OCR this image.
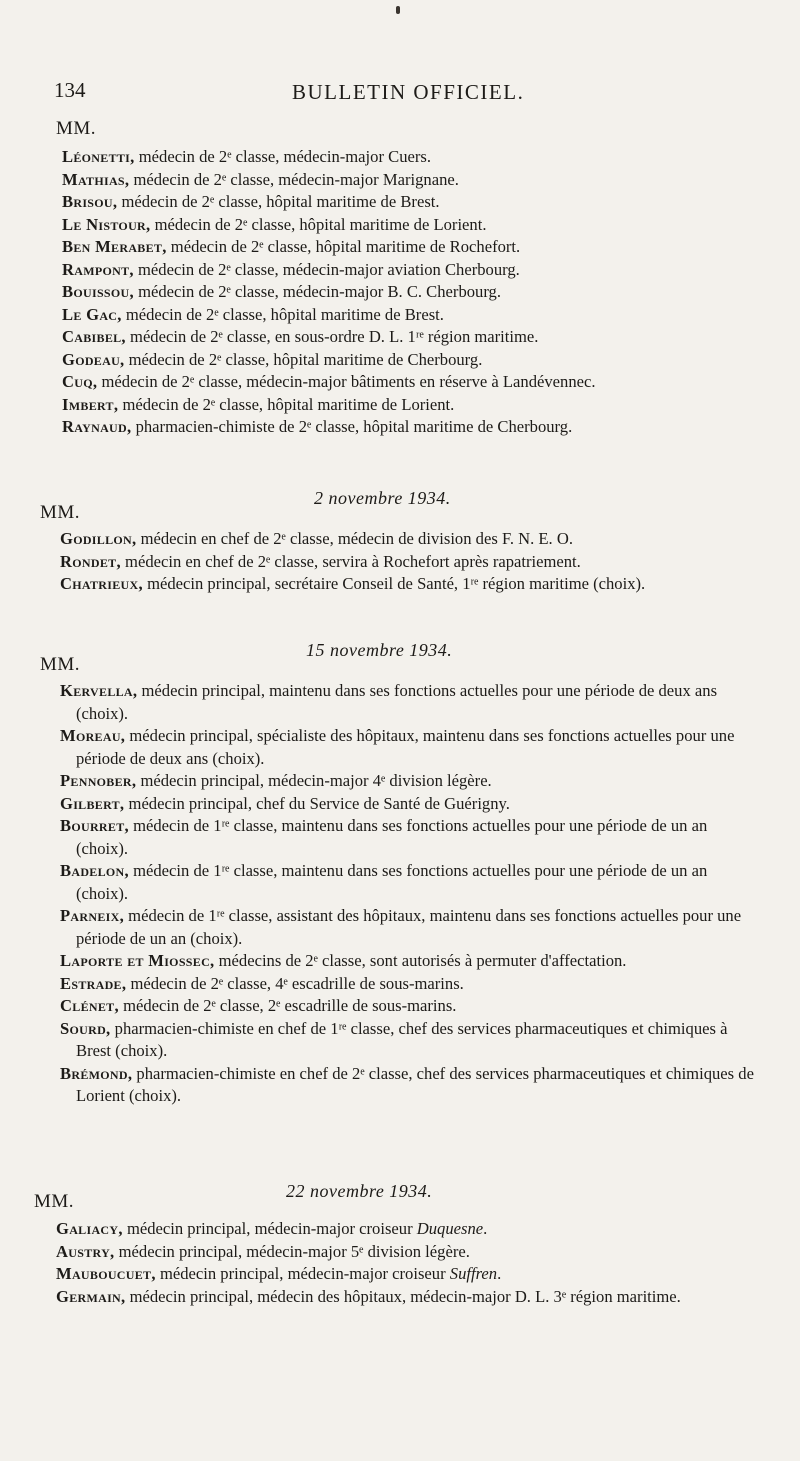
134	BULLETIN OFFICIEL.
MM.

Léonetti, médecin de 2ᵉ classe, médecin-major Cuers.

Mathias, médecin de 2ᵉ classe, médecin-major Marignane.

Brisou, médecin de 2ᵉ classe, hôpital maritime de Brest.

Le Nistour, médecin de 2ᵉ classe, hôpital maritime de Lorient.

Ben Merabet, médecin de 2ᵉ classe, hôpital maritime de Rochefort.

Rampont, médecin de 2ᵉ classe, médecin-major aviation Cherbourg.

Bouissou, médecin de 2ᵉ classe, médecin-major B. C. Cherbourg.

Le Gac, médecin de 2ᵉ classe, hôpital maritime de Brest.

Cabibel, médecin de 2ᵉ classe, en sous-ordre D. L. 1ʳᵉ région maritime.

Godeau, médecin de 2ᵉ classe, hôpital maritime de Cherbourg.

Cuq, médecin de 2ᵉ classe, médecin-major bâtiments en réserve à Landévennec.

Imbert, médecin de 2ᵉ classe, hôpital maritime de Lorient.

Raynaud, pharmacien-chimiste de 2ᵉ classe, hôpital maritime de Cherbourg.

2 novembre 1934.
MM.

Godillon, médecin en chef de 2ᵉ classe, médecin de division des F. N. E. O.

Rondet, médecin en chef de 2ᵉ classe, servira à Rochefort après rapatriement.

Chatrieux, médecin principal, secrétaire Conseil de Santé, 1ʳᵉ région maritime (choix).

15 novembre 1934.
MM.

Kervella, médecin principal, maintenu dans ses fonctions actuelles pour une période de deux ans (choix).

Moreau, médecin principal, spécialiste des hôpitaux, maintenu dans ses fonctions actuelles pour une période de deux ans (choix).

Pennober, médecin principal, médecin-major 4ᵉ division légère.

Gilbert, médecin principal, chef du Service de Santé de Guérigny.

Bourret, médecin de 1ʳᵉ classe, maintenu dans ses fonctions actuelles pour une période de un an (choix).

Badelon, médecin de 1ʳᵉ classe, maintenu dans ses fonctions actuelles pour une période de un an (choix).

Parneix, médecin de 1ʳᵉ classe, assistant des hôpitaux, maintenu dans ses fonctions actuelles pour une période de un an (choix).

Laporte et Miossec, médecins de 2ᵉ classe, sont autorisés à permuter d'affectation.

Estrade, médecin de 2ᵉ classe, 4ᵉ escadrille de sous-marins.

Clénet, médecin de 2ᵉ classe, 2ᵉ escadrille de sous-marins.

Sourd, pharmacien-chimiste en chef de 1ʳᵉ classe, chef des services pharmaceutiques et chimiques à Brest (choix).

Brémond, pharmacien-chimiste en chef de 2ᵉ classe, chef des services pharmaceutiques et chimiques de Lorient (choix).

22 novembre 1934.
MM.

Galiacy, médecin principal, médecin-major croiseur Duquesne.

Austry, médecin principal, médecin-major 5ᵉ division légère.

Mauboucuet, médecin principal, médecin-major croiseur Suffren.

Germain, médecin principal, médecin des hôpitaux, médecin-major D. L. 3ᵉ région maritime.
